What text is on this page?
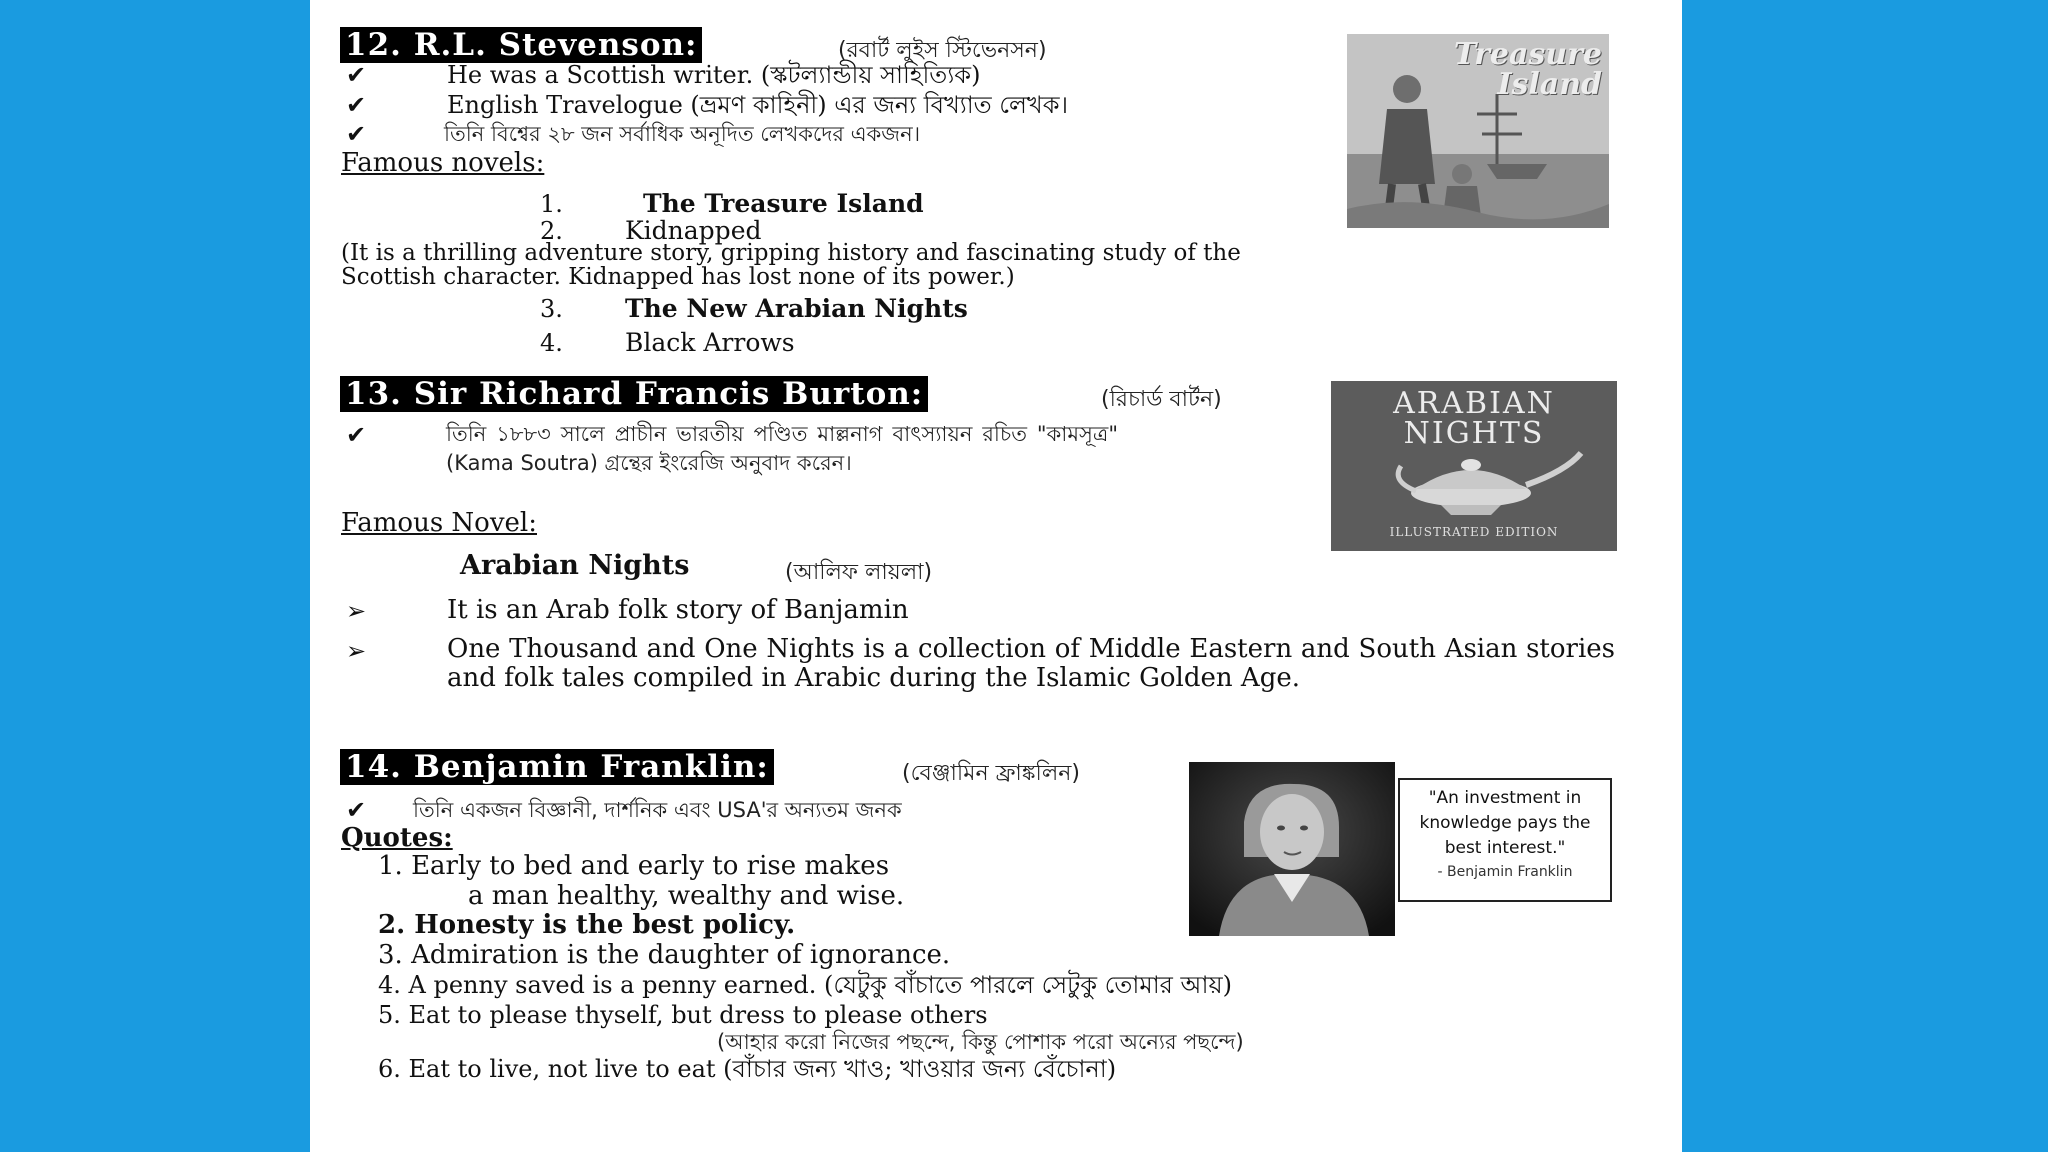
12. R.L. Stevenson:	(রবার্ট লুইস স্টিভেনসন)
✔	He was a Scottish writer. (স্কটল্যান্ডীয় সাহিত্যিক)
✔	English Travelogue (ভ্রমণ কাহিনী) এর জন্য বিখ্যাত লেখক।
✔	তিনি বিশ্বের ২৮ জন সর্বাধিক অনূদিত লেখকদের একজন।
Famous novels:
1.	The Treasure Island
2. Kidnapped
(It is a thrilling adventure story, gripping history and fascinating study of the
Scottish character. Kidnapped has lost none of its power.)
3. The New Arabian Nights
4. Black Arrows
Treasure Island
13. Sir Richard Francis Burton:	(রিচার্ড বার্টন)
✔	তিনি ১৮৮৩ সালে প্রাচীন ভারতীয় পণ্ডিত মাল্লনাগ বাৎস্যায়ন রচিত "কামসূত্র" (Kama Soutra) গ্রন্থের ইংরেজি অনুবাদ করেন।
Famous Novel:
Arabian Nights	(আলিফ লায়লা)
➢	It is an Arab folk story of Banjamin
➢	One Thousand and One Nights is a collection of Middle Eastern and South Asian stories and folk tales compiled in Arabic during the Islamic Golden Age.
ARABIAN
NIGHTS
ILLUSTRATED EDITION
14. Benjamin Franklin:	(বেঞ্জামিন ফ্রাঙ্কলিন)
✔ তিনি একজন বিজ্ঞানী, দার্শনিক এবং USA'র অন্যতম জনক
Quotes:
1. Early to bed and early to rise makes
a man healthy, wealthy and wise.
2. Honesty is the best policy.
3. Admiration is the daughter of ignorance.
4. A penny saved is a penny earned. (যেটুকু বাঁচাতে পারলে সেটুকু তোমার আয়)
5. Eat to please thyself, but dress to please others
(আহার করো নিজের পছন্দে, কিন্তু পোশাক পরো অন্যের পছন্দে)
6. Eat to live, not live to eat (বাঁচার জন্য খাও; খাওয়ার জন্য বেঁচোনা)
"An investment in knowledge pays the best interest."
- Benjamin Franklin
